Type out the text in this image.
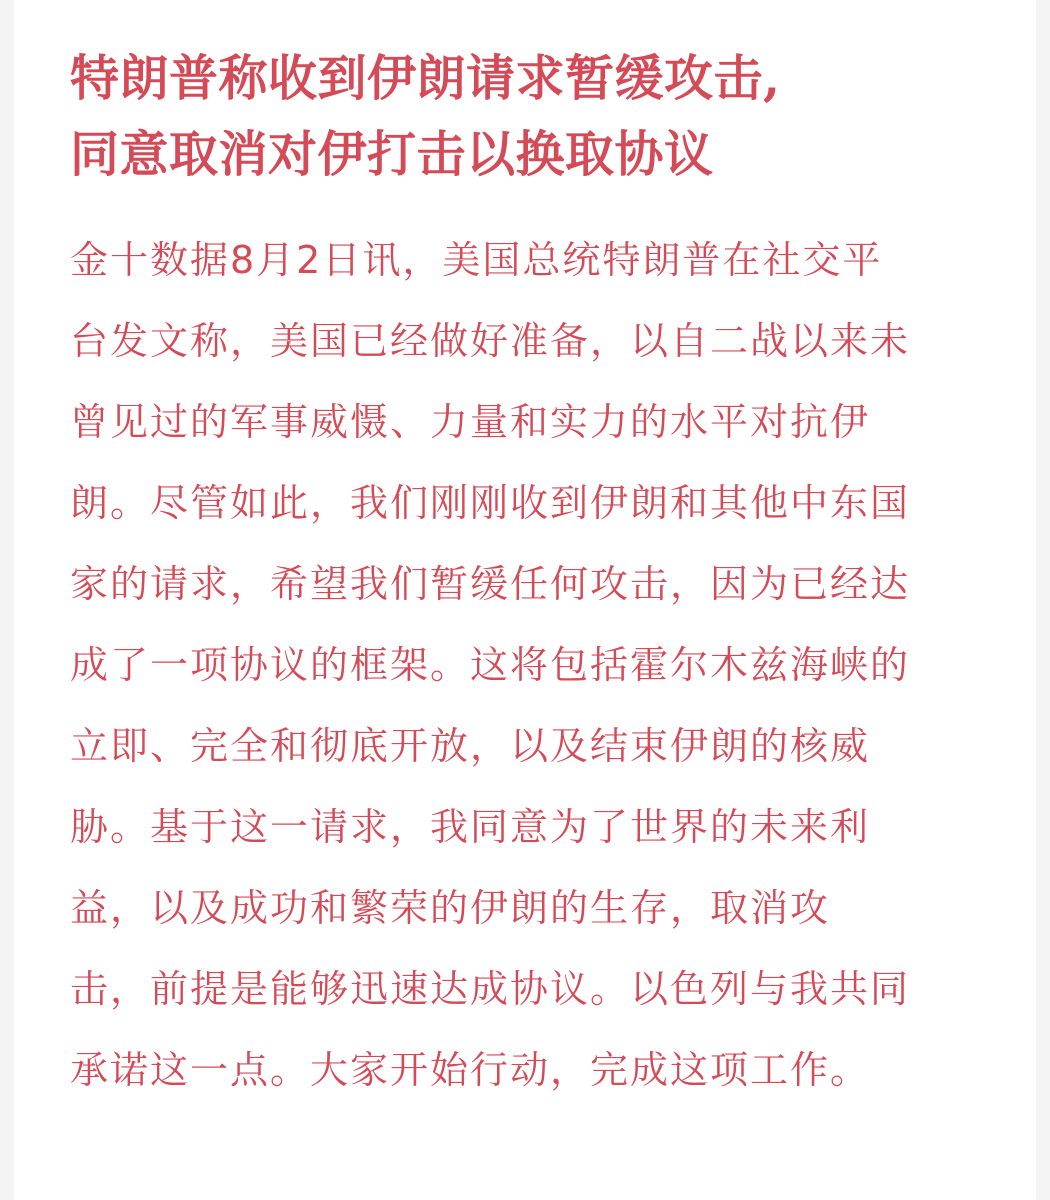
特朗普称收到伊朗请求暂缓攻击,
同意取消对伊打击以换取协议
金十数据8月2日讯，美国总统特朗普在社交平
台发文称，美国已经做好准备，以自二战以来未
曾见过的军事威慑、力量和实力的水平对抗伊
朗。尽管如此，我们刚刚收到伊朗和其他中东国
家的请求，希望我们暂缓任何攻击，因为已经达
成了一项协议的框架。这将包括霍尔木兹海峡的
立即、完全和彻底开放，以及结束伊朗的核威
胁。基于这一请求，我同意为了世界的未来利
益，以及成功和繁荣的伊朗的生存，取消攻
击，前提是能够迅速达成协议。以色列与我共同
承诺这一点。大家开始行动，完成这项工作。
